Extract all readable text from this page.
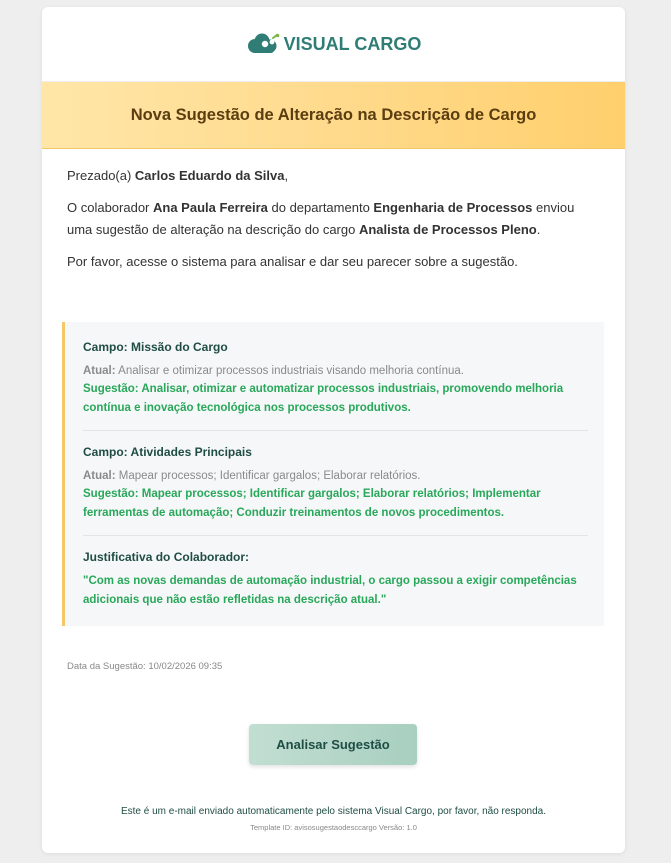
VISUAL CARGO
Nova Sugestão de Alteração na Descrição de Cargo

Prezado(a) Carlos Eduardo da Silva,

O colaborador Ana Paula Ferreira do departamento Engenharia de Processos enviou uma sugestão de alteração na descrição do cargo Analista de Processos Pleno.

Por favor, acesse o sistema para analisar e dar seu parecer sobre a sugestão.

Campo: Missão do Cargo
Atual: Analisar e otimizar processos industriais visando melhoria contínua.
Sugestão: Analisar, otimizar e automatizar processos industriais, promovendo melhoria contínua e inovação tecnológica nos processos produtivos.
Campo: Atividades Principais
Atual: Mapear processos; Identificar gargalos; Elaborar relatórios.
Sugestão: Mapear processos; Identificar gargalos; Elaborar relatórios; Implementar ferramentas de automação; Conduzir treinamentos de novos procedimentos.
Justificativa do Colaborador:
"Com as novas demandas de automação industrial, o cargo passou a exigir competências adicionais que não estão refletidas na descrição atual."
Data da Sugestão: 10/02/2026 09:35
Analisar Sugestão
Este é um e-mail enviado automaticamente pelo sistema Visual Cargo, por favor, não responda.
Template ID: avisosugestaodesccargo Versão: 1.0
